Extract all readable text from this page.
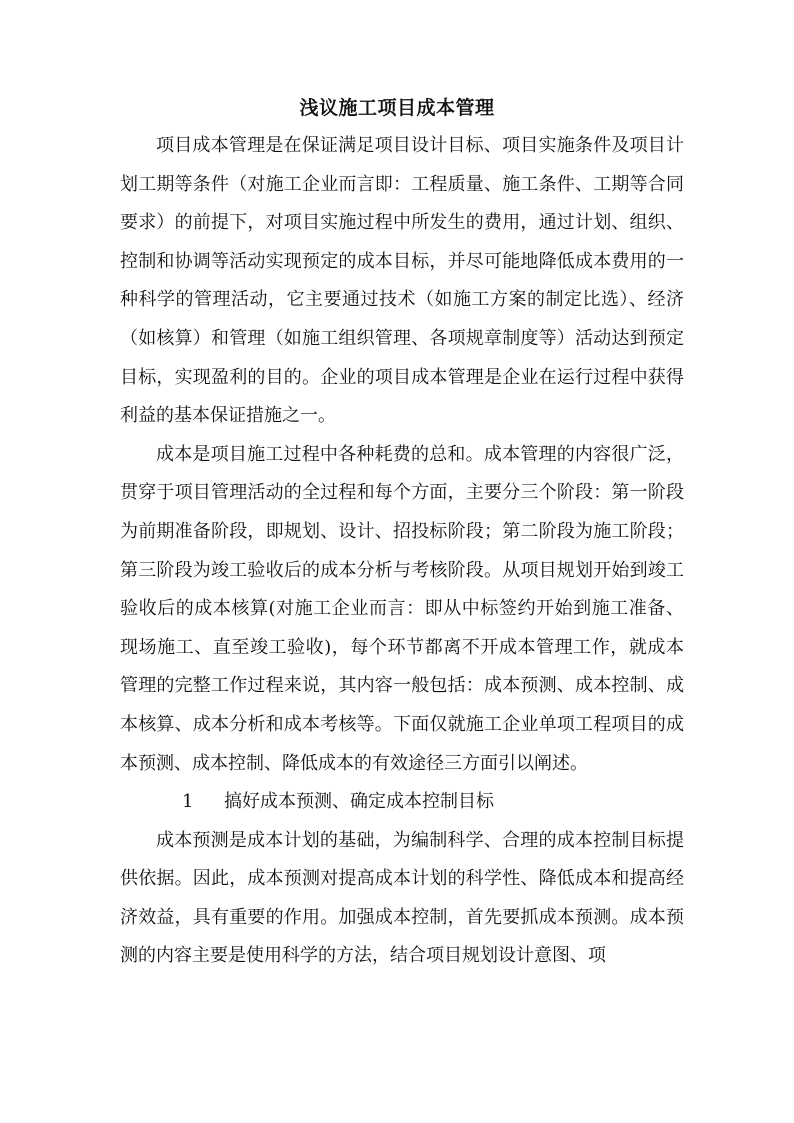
浅议施工项目成本管理

项目成本管理是在保证满足项目设计目标、项目实施条件及项目计划工期等条件（对施工企业而言即：工程质量、施工条件、工期等合同要求）的前提下，对项目实施过程中所发生的费用，通过计划、组织、控制和协调等活动实现预定的成本目标，并尽可能地降低成本费用的一种科学的管理活动，它主要通过技术（如施工方案的制定比选）、经济（如核算）和管理（如施工组织管理、各项规章制度等）活动达到预定目标，实现盈利的目的。企业的项目成本管理是企业在运行过程中获得利益的基本保证措施之一。

成本是项目施工过程中各种耗费的总和。成本管理的内容很广泛，贯穿于项目管理活动的全过程和每个方面，主要分三个阶段：第一阶段为前期准备阶段，即规划、设计、招投标阶段；第二阶段为施工阶段；第三阶段为竣工验收后的成本分析与考核阶段。从项目规划开始到竣工验收后的成本核算(对施工企业而言：即从中标签约开始到施工准备、现场施工、直至竣工验收)，每个环节都离不开成本管理工作，就成本管理的完整工作过程来说，其内容一般包括：成本预测、成本控制、成本核算、成本分析和成本考核等。下面仅就施工企业单项工程项目的成本预测、成本控制、降低成本的有效途径三方面引以阐述。

1 搞好成本预测、确定成本控制目标

成本预测是成本计划的基础，为编制科学、合理的成本控制目标提供依据。因此，成本预测对提高成本计划的科学性、降低成本和提高经济效益，具有重要的作用。加强成本控制，首先要抓成本预测。成本预测的内容主要是使用科学的方法，结合项目规划设计意图、项
